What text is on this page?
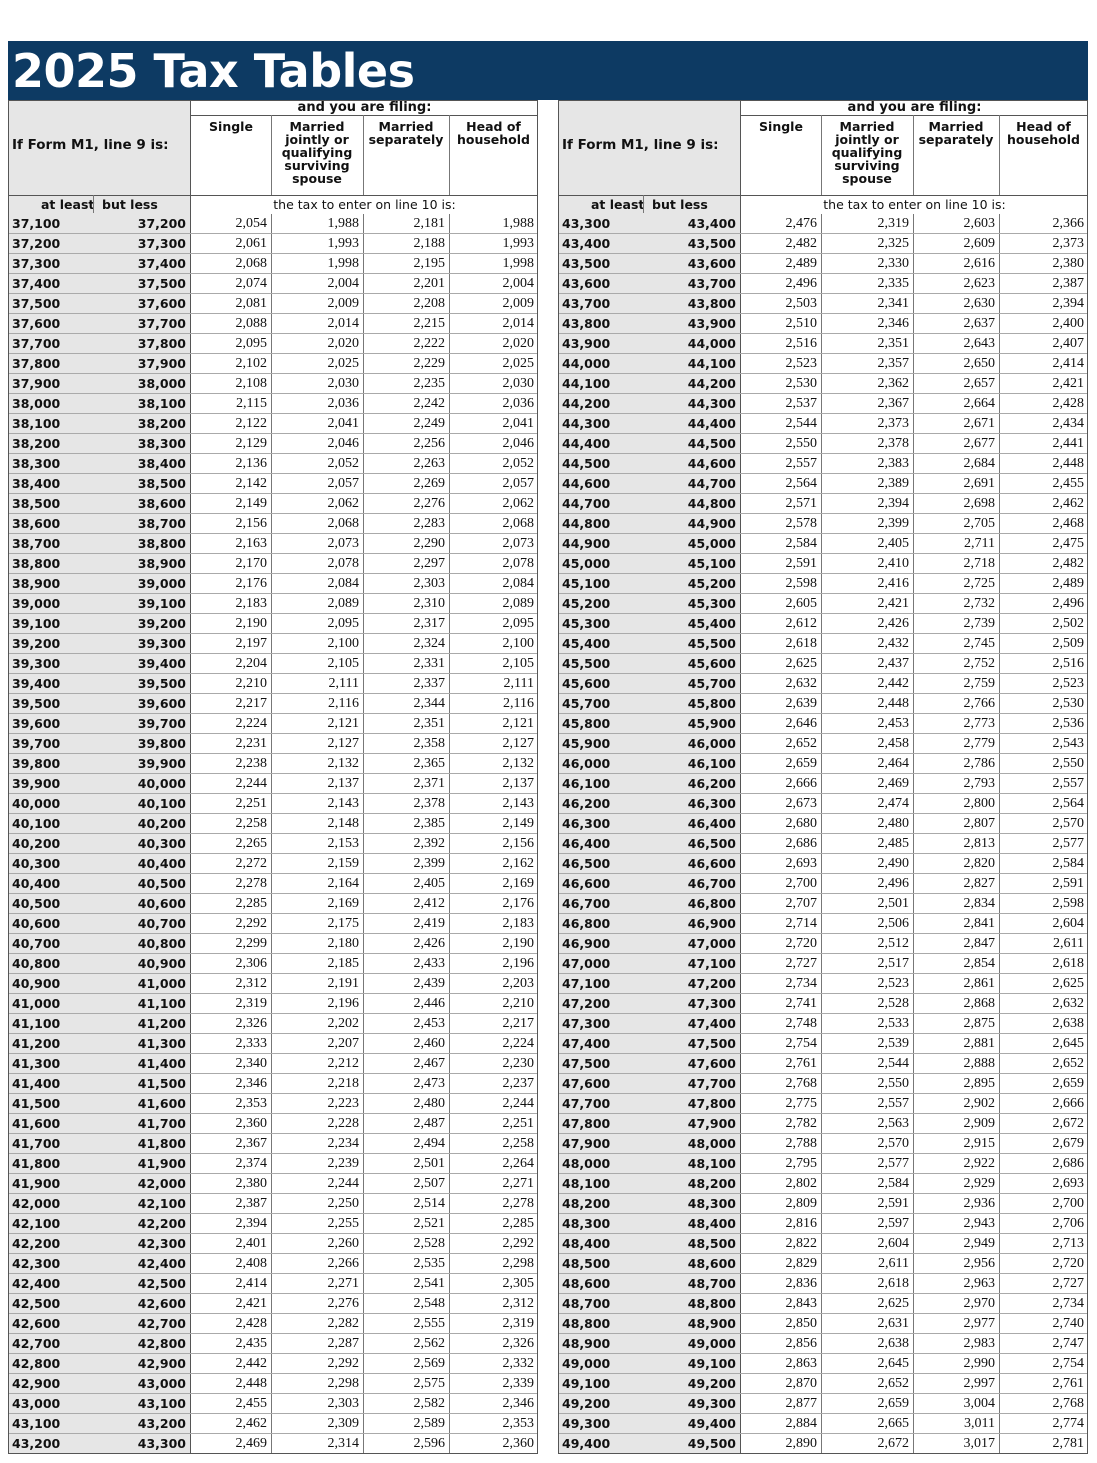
2025 Tax Tables
If Form M1, line 9 is:
and you are filing:
Single	Married jointly or qualifying surviving spouse
Married separately
Head of household
at least but less	the tax to enter on line 10 is:
37,100	37,200	2,054	1,988	2,181	1,988
37,200	37,300	2,061	1,993	2,188	1,993
37,300	37,400	2,068	1,998	2,195	1,998
37,400	37,500	2,074	2,004	2,201	2,004
37,500	37,600	2,081	2,009	2,208	2,009
37,600	37,700	2,088	2,014	2,215	2,014
37,700	37,800	2,095	2,020	2,222	2,020
37,800	37,900	2,102	2,025	2,229	2,025
37,900	38,000	2,108	2,030	2,235	2,030
38,000	38,100	2,115	2,036	2,242	2,036
38,100	38,200	2,122	2,041	2,249	2,041
38,200	38,300	2,129	2,046	2,256	2,046
38,300	38,400	2,136	2,052	2,263	2,052
38,400	38,500	2,142	2,057	2,269	2,057
38,500	38,600	2,149	2,062	2,276	2,062
38,600	38,700	2,156	2,068	2,283	2,068
38,700	38,800	2,163	2,073	2,290	2,073
38,800	38,900	2,170	2,078	2,297	2,078
38,900	39,000	2,176	2,084	2,303	2,084
39,000	39,100	2,183	2,089	2,310	2,089
39,100	39,200	2,190	2,095	2,317	2,095
39,200	39,300	2,197	2,100	2,324	2,100
39,300	39,400	2,204	2,105	2,331	2,105
39,400	39,500	2,210	2,111	2,337	2,111
39,500	39,600	2,217	2,116	2,344	2,116
39,600	39,700	2,224	2,121	2,351	2,121
39,700	39,800	2,231	2,127	2,358	2,127
39,800	39,900	2,238	2,132	2,365	2,132
39,900	40,000	2,244	2,137	2,371	2,137
40,000	40,100	2,251	2,143	2,378	2,143
40,100	40,200	2,258	2,148	2,385	2,149
40,200	40,300	2,265	2,153	2,392	2,156
40,300	40,400	2,272	2,159	2,399	2,162
40,400	40,500	2,278	2,164	2,405	2,169
40,500	40,600	2,285	2,169	2,412	2,176
40,600	40,700	2,292	2,175	2,419	2,183
40,700	40,800	2,299	2,180	2,426	2,190
40,800	40,900	2,306	2,185	2,433	2,196
40,900	41,000	2,312	2,191	2,439	2,203
41,000	41,100	2,319	2,196	2,446	2,210
41,100	41,200	2,326	2,202	2,453	2,217
41,200	41,300	2,333	2,207	2,460	2,224
41,300	41,400	2,340	2,212	2,467	2,230
41,400	41,500	2,346	2,218	2,473	2,237
41,500	41,600	2,353	2,223	2,480	2,244
41,600	41,700	2,360	2,228	2,487	2,251
41,700	41,800	2,367	2,234	2,494	2,258
41,800	41,900	2,374	2,239	2,501	2,264
41,900	42,000	2,380	2,244	2,507	2,271
42,000	42,100	2,387	2,250	2,514	2,278
42,100	42,200	2,394	2,255	2,521	2,285
42,200	42,300	2,401	2,260	2,528	2,292
42,300	42,400	2,408	2,266	2,535	2,298
42,400	42,500	2,414	2,271	2,541	2,305
42,500	42,600	2,421	2,276	2,548	2,312
42,600	42,700	2,428	2,282	2,555	2,319
42,700	42,800	2,435	2,287	2,562	2,326
42,800	42,900	2,442	2,292	2,569	2,332
42,900	43,000	2,448	2,298	2,575	2,339
43,000	43,100	2,455	2,303	2,582	2,346
43,100	43,200	2,462	2,309	2,589	2,353
43,200	43,300	2,469	2,314	2,596	2,360
If Form M1, line 9 is:
and you are filing:
Single	Married jointly or qualifying surviving spouse
Married separately
Head of household
at least but less	the tax to enter on line 10 is:
43,300	43,400	2,476	2,319	2,603	2,366
43,400	43,500	2,482	2,325	2,609	2,373
43,500	43,600	2,489	2,330	2,616	2,380
43,600	43,700	2,496	2,335	2,623	2,387
43,700	43,800	2,503	2,341	2,630	2,394
43,800	43,900	2,510	2,346	2,637	2,400
43,900	44,000	2,516	2,351	2,643	2,407
44,000	44,100	2,523	2,357	2,650	2,414
44,100	44,200	2,530	2,362	2,657	2,421
44,200	44,300	2,537	2,367	2,664	2,428
44,300	44,400	2,544	2,373	2,671	2,434
44,400	44,500	2,550	2,378	2,677	2,441
44,500	44,600	2,557	2,383	2,684	2,448
44,600	44,700	2,564	2,389	2,691	2,455
44,700	44,800	2,571	2,394	2,698	2,462
44,800	44,900	2,578	2,399	2,705	2,468
44,900	45,000	2,584	2,405	2,711	2,475
45,000	45,100	2,591	2,410	2,718	2,482
45,100	45,200	2,598	2,416	2,725	2,489
45,200	45,300	2,605	2,421	2,732	2,496
45,300	45,400	2,612	2,426	2,739	2,502
45,400	45,500	2,618	2,432	2,745	2,509
45,500	45,600	2,625	2,437	2,752	2,516
45,600	45,700	2,632	2,442	2,759	2,523
45,700	45,800	2,639	2,448	2,766	2,530
45,800	45,900	2,646	2,453	2,773	2,536
45,900	46,000	2,652	2,458	2,779	2,543
46,000	46,100	2,659	2,464	2,786	2,550
46,100	46,200	2,666	2,469	2,793	2,557
46,200	46,300	2,673	2,474	2,800	2,564
46,300	46,400	2,680	2,480	2,807	2,570
46,400	46,500	2,686	2,485	2,813	2,577
46,500	46,600	2,693	2,490	2,820	2,584
46,600	46,700	2,700	2,496	2,827	2,591
46,700	46,800	2,707	2,501	2,834	2,598
46,800	46,900	2,714	2,506	2,841	2,604
46,900	47,000	2,720	2,512	2,847	2,611
47,000	47,100	2,727	2,517	2,854	2,618
47,100	47,200	2,734	2,523	2,861	2,625
47,200	47,300	2,741	2,528	2,868	2,632
47,300	47,400	2,748	2,533	2,875	2,638
47,400	47,500	2,754	2,539	2,881	2,645
47,500	47,600	2,761	2,544	2,888	2,652
47,600	47,700	2,768	2,550	2,895	2,659
47,700	47,800	2,775	2,557	2,902	2,666
47,800	47,900	2,782	2,563	2,909	2,672
47,900	48,000	2,788	2,570	2,915	2,679
48,000	48,100	2,795	2,577	2,922	2,686
48,100	48,200	2,802	2,584	2,929	2,693
48,200	48,300	2,809	2,591	2,936	2,700
48,300	48,400	2,816	2,597	2,943	2,706
48,400	48,500	2,822	2,604	2,949	2,713
48,500	48,600	2,829	2,611	2,956	2,720
48,600	48,700	2,836	2,618	2,963	2,727
48,700	48,800	2,843	2,625	2,970	2,734
48,800	48,900	2,850	2,631	2,977	2,740
48,900	49,000	2,856	2,638	2,983	2,747
49,000	49,100	2,863	2,645	2,990	2,754
49,100	49,200	2,870	2,652	2,997	2,761
49,200	49,300	2,877	2,659	3,004	2,768
49,300	49,400	2,884	2,665	3,011	2,774
49,400	49,500	2,890	2,672	3,017	2,781
